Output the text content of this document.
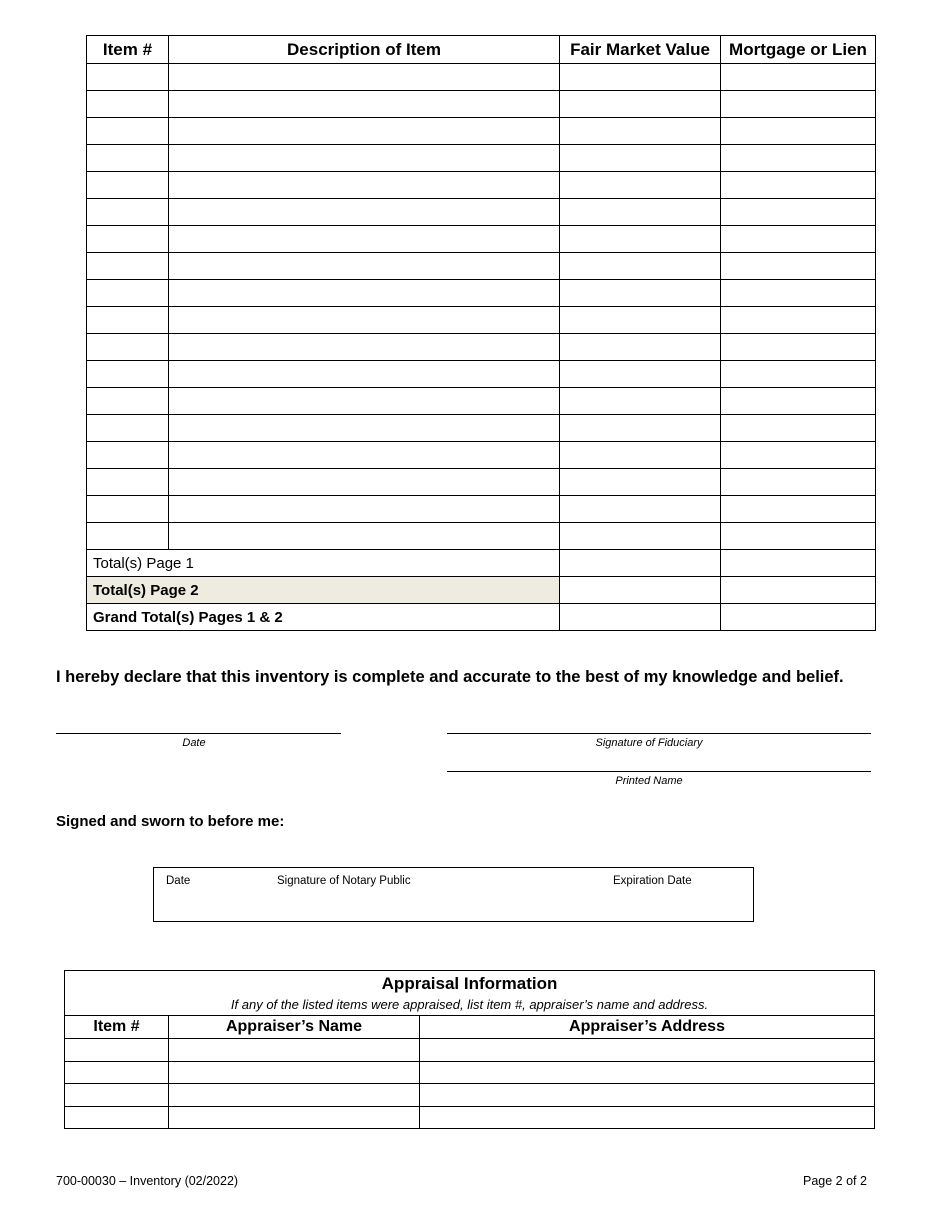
Item #	Description of Item	Fair Market Value	Mortgage or Lien

Total(s) Page 1			
Total(s) Page 2			
Grand Total(s) Pages 1 & 2			
I hereby declare that this inventory is complete and accurate to the best of my knowledge and belief.
Date	Signature of Fiduciary
Printed Name
Signed and sworn to before me:
Date	Signature of Notary Public	Expiration Date
Appraisal Information		
If any of the listed items were appraised, list item #, appraiser’s name and address.		
Item #	Appraiser’s Name	Appraiser’s Address

700-00030 – Inventory (02/2022)	Page 2 of 2
